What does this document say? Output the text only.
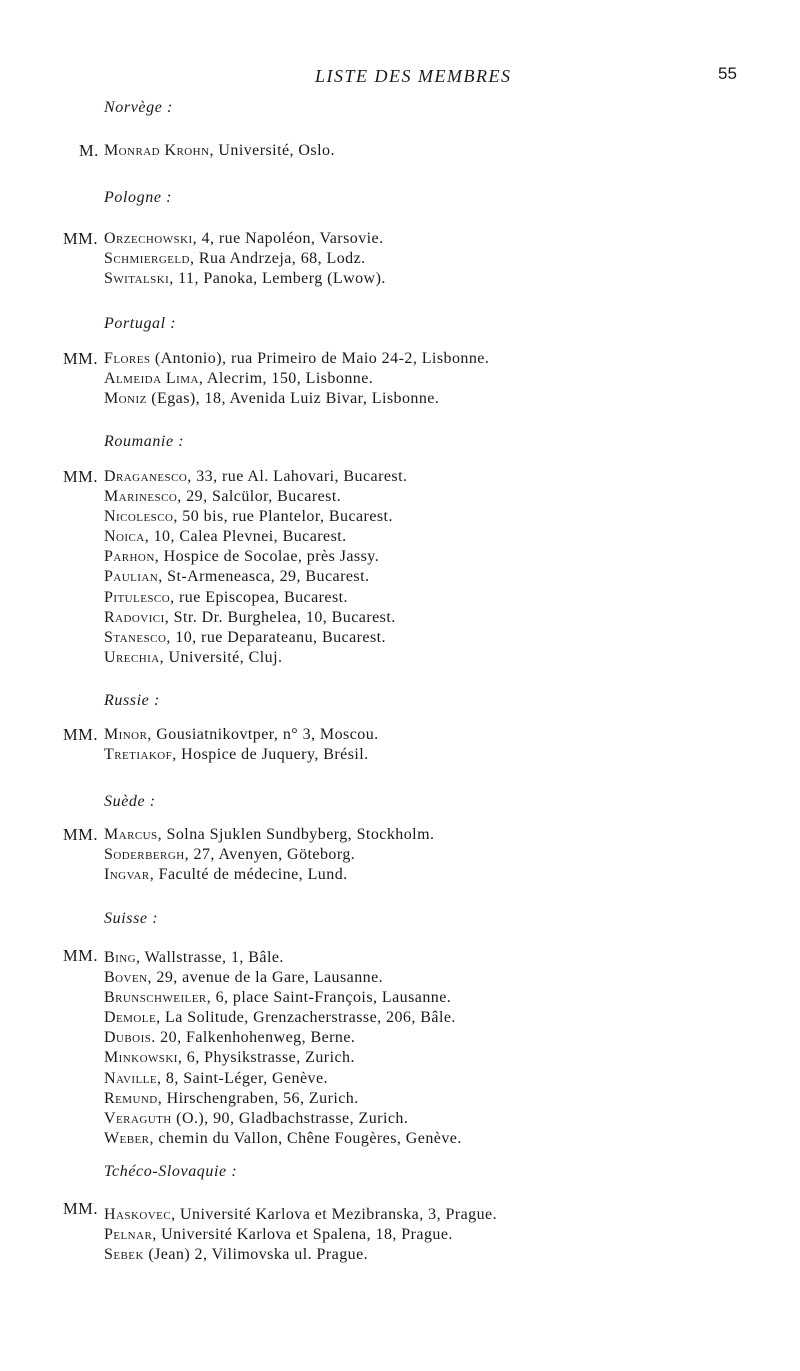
LISTE DES MEMBRES	55
Norvège :
M. Monrad Krohn, Université, Oslo.
Pologne :
MM. Orzechowski, 4, rue Napoléon, Varsovie.
Schmiergeld, Rua Andrzeja, 68, Lodz.
Switalski, 11, Panoka, Lemberg (Lwow).
Portugal :
MM. Flores (Antonio), rua Primeiro de Maio 24-2, Lisbonne.
Almeida Lima, Alecrim, 150, Lisbonne.
Moniz (Egas), 18, Avenida Luiz Bivar, Lisbonne.
Roumanie :
MM. Draganesco, 33, rue Al. Lahovari, Bucarest.
Marinesco, 29, Salcülor, Bucarest.
Nicolesco, 50 bis, rue Plantelor, Bucarest.
Noica, 10, Calea Plevnei, Bucarest.
Parhon, Hospice de Socolae, près Jassy.
Paulian, St-Armeneasca, 29, Bucarest.
Pitulesco, rue Episcopea, Bucarest.
Radovici, Str. Dr. Burghelea, 10, Bucarest.
Stanesco, 10, rue Deparateanu, Bucarest.
Urechia, Université, Cluj.
Russie :
MM. Minor, Gousiatnikovtper, n° 3, Moscou.
Tretiakof, Hospice de Juquery, Brésil.
Suède :
MM. Marcus, Solna Sjuklen Sundbyberg, Stockholm.
Soderbergh, 27, Avenyen, Göteborg.
Ingvar, Faculté de médecine, Lund.
Suisse :
MM. Bing, Wallstrasse, 1, Bâle.
Boven, 29, avenue de la Gare, Lausanne.
Brunschweiler, 6, place Saint-François, Lausanne.
Demole, La Solitude, Grenzacherstrasse, 206, Bâle.
Dubois. 20, Falkenhohenweg, Berne.
Minkowski, 6, Physikstrasse, Zurich.
Naville, 8, Saint-Léger, Genève.
Remund, Hirschengraben, 56, Zurich.
Veraguth (O.), 90, Gladbachstrasse, Zurich.
Weber, chemin du Vallon, Chêne Fougères, Genève.
Tchéco-Slovaquie :
MM. Haskovec, Université Karlova et Mezibranska, 3, Prague.
Pelnar, Université Karlova et Spalena, 18, Prague.
Sebek (Jean) 2, Vilimovska ul. Prague.
